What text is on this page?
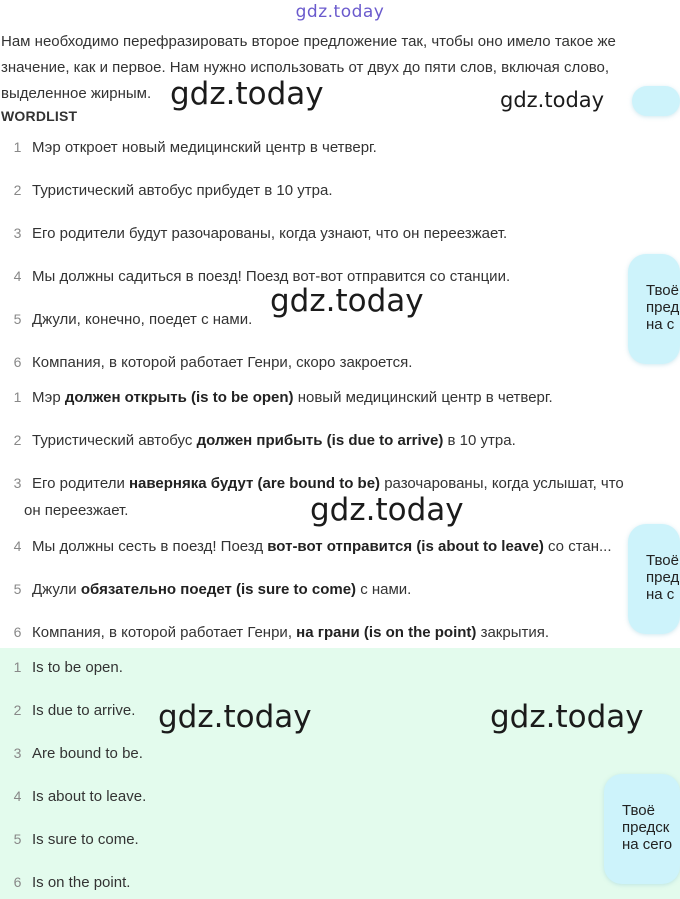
gdz.today
Нам необходимо перефразировать второе предложение так, чтобы оно имело такое же значение, как и первое. Нам нужно использовать от двух до пяти слов, включая слово, выделенное жирным.
WORDLIST
1 Мэр откроет новый медицинский центр в четверг.
2 Туристический автобус прибудет в 10 утра.
3 Его родители будут разочарованы, когда узнают, что он переезжает.
4 Мы должны садиться в поезд! Поезд вот-вот отправится со станции.
5 Джули, конечно, поедет с нами.
6 Компания, в которой работает Генри, скоро закроется.
1 Мэр должен открыть (is to be open) новый медицинский центр в четверг.
2 Туристический автобус должен прибыть (is due to arrive) в 10 утра.
3 Его родители наверняка будут (are bound to be) разочарованы, когда услышат, что
он переезжает.
4 Мы должны сесть в поезд! Поезд вот-вот отправится (is about to leave) со стан...
5 Джули обязательно поедет (is sure to come) с нами.
6 Компания, в которой работает Генри, на грани (is on the point) закрытия.
1 Is to be open.
2 Is due to arrive.
3 Are bound to be.
4 Is about to leave.
5 Is sure to come.
6 Is on the point.
Твоё
пред
на с
Твоё
пред
на с
Твоё
предск
на сего
gdz.today	gdz.today
gdz.today
gdz.today
gdz.today	gdz.today
